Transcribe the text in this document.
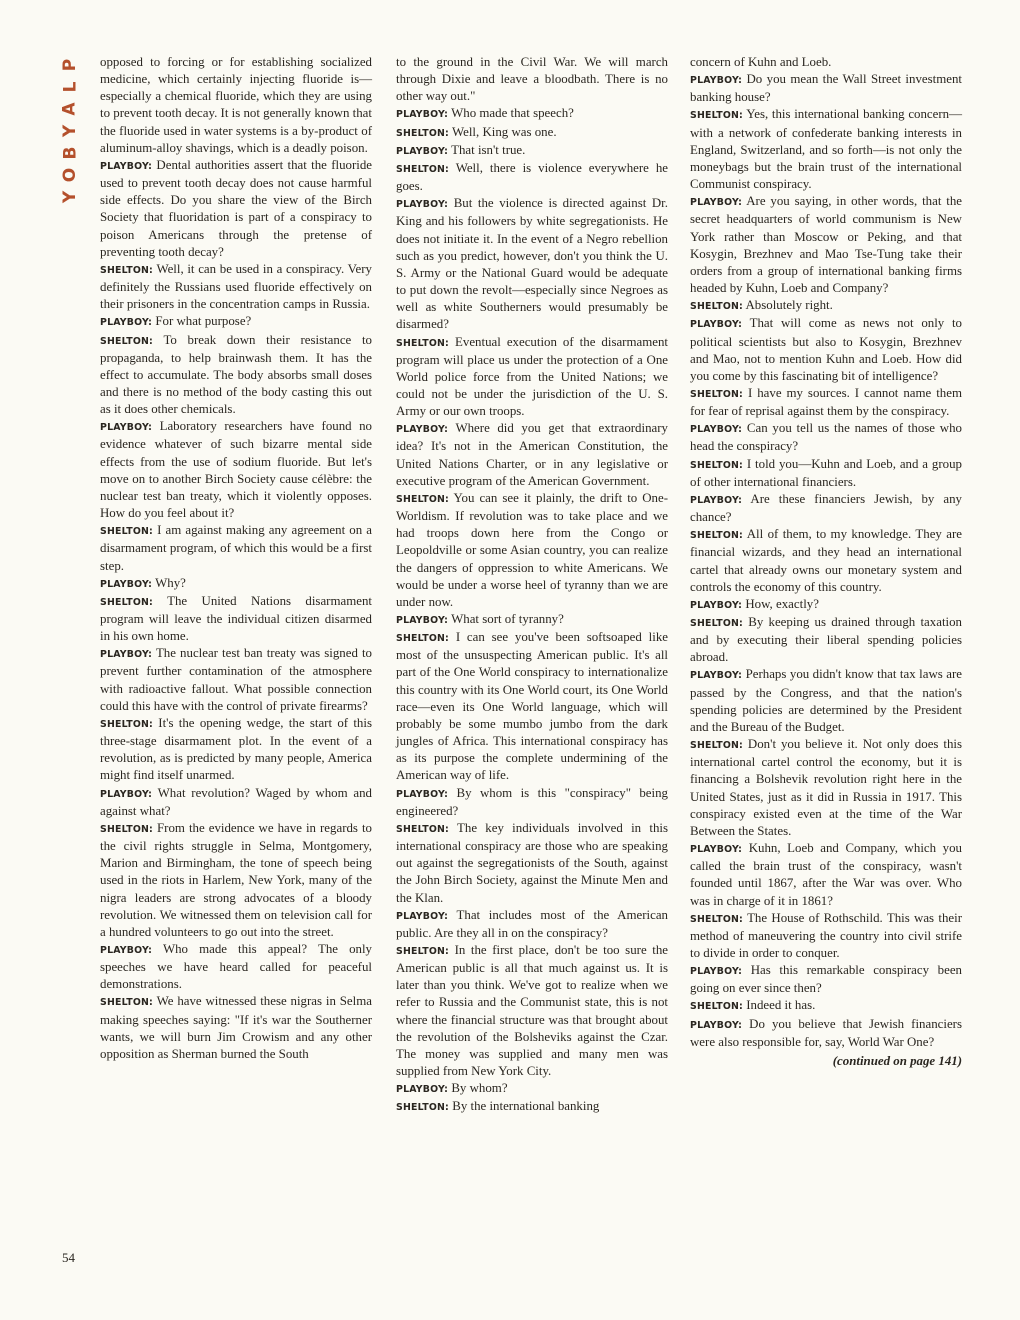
P
L
A
Y
B
O
Y
54

opposed to forcing or for establishing socialized medicine, which certainly injecting fluoride is—especially a chemical fluoride, which they are using to prevent tooth decay. It is not generally known that the fluoride used in water systems is a by-product of aluminum-alloy shavings, which is a deadly poison.

PLAYBOY: Dental authorities assert that the fluoride used to prevent tooth decay does not cause harmful side effects. Do you share the view of the Birch Society that fluoridation is part of a conspiracy to poison Americans through the pretense of preventing tooth decay?

SHELTON: Well, it can be used in a conspiracy. Very definitely the Russians used fluoride effectively on their prisoners in the concentration camps in Russia.

PLAYBOY: For what purpose?

SHELTON: To break down their resistance to propaganda, to help brainwash them. It has the effect to accumulate. The body absorbs small doses and there is no method of the body casting this out as it does other chemicals.

PLAYBOY: Laboratory researchers have found no evidence whatever of such bizarre mental side effects from the use of sodium fluoride. But let's move on to another Birch Society cause célèbre: the nuclear test ban treaty, which it violently opposes. How do you feel about it?

SHELTON: I am against making any agreement on a disarmament program, of which this would be a first step.

PLAYBOY: Why?

SHELTON: The United Nations disarmament program will leave the individual citizen disarmed in his own home.

PLAYBOY: The nuclear test ban treaty was signed to prevent further contamination of the atmosphere with radioactive fallout. What possible connection could this have with the control of private firearms?

SHELTON: It's the opening wedge, the start of this three-stage disarmament plot. In the event of a revolution, as is predicted by many people, America might find itself unarmed.

PLAYBOY: What revolution? Waged by whom and against what?

SHELTON: From the evidence we have in regards to the civil rights struggle in Selma, Montgomery, Marion and Birmingham, the tone of speech being used in the riots in Harlem, New York, many of the nigra leaders are strong advocates of a bloody revolution. We witnessed them on television call for a hundred volunteers to go out into the street.

PLAYBOY: Who made this appeal? The only speeches we have heard called for peaceful demonstrations.

SHELTON: We have witnessed these nigras in Selma making speeches saying: "If it's war the Southerner wants, we will burn Jim Crowism and any other opposition as Sherman burned the South

to the ground in the Civil War. We will march through Dixie and leave a bloodbath. There is no other way out."

PLAYBOY: Who made that speech?

SHELTON: Well, King was one.

PLAYBOY: That isn't true.

SHELTON: Well, there is violence everywhere he goes.

PLAYBOY: But the violence is directed against Dr. King and his followers by white segregationists. He does not initiate it. In the event of a Negro rebellion such as you predict, however, don't you think the U. S. Army or the National Guard would be adequate to put down the revolt—especially since Negroes as well as white Southerners would presumably be disarmed?

SHELTON: Eventual execution of the disarmament program will place us under the protection of a One World police force from the United Nations; we could not be under the jurisdiction of the U. S. Army or our own troops.

PLAYBOY: Where did you get that extraordinary idea? It's not in the American Constitution, the United Nations Charter, or in any legislative or executive program of the American Government.

SHELTON: You can see it plainly, the drift to One-Worldism. If revolution was to take place and we had troops down here from the Congo or Leopoldville or some Asian country, you can realize the dangers of oppression to white Americans. We would be under a worse heel of tyranny than we are under now.

PLAYBOY: What sort of tyranny?

SHELTON: I can see you've been softsoaped like most of the unsuspecting American public. It's all part of the One World conspiracy to internationalize this country with its One World court, its One World race—even its One World language, which will probably be some mumbo jumbo from the dark jungles of Africa. This international conspiracy has as its purpose the complete undermining of the American way of life.

PLAYBOY: By whom is this "conspiracy" being engineered?

SHELTON: The key individuals involved in this international conspiracy are those who are speaking out against the segregationists of the South, against the John Birch Society, against the Minute Men and the Klan.

PLAYBOY: That includes most of the American public. Are they all in on the conspiracy?

SHELTON: In the first place, don't be too sure the American public is all that much against us. It is later than you think. We've got to realize when we refer to Russia and the Communist state, this is not where the financial structure was that brought about the revolution of the Bolsheviks against the Czar. The money was supplied and many men was supplied from New York City.

PLAYBOY: By whom?

SHELTON: By the international banking

concern of Kuhn and Loeb.

PLAYBOY: Do you mean the Wall Street investment banking house?

SHELTON: Yes, this international banking concern—with a network of confederate banking interests in England, Switzerland, and so forth—is not only the moneybags but the brain trust of the international Communist conspiracy.

PLAYBOY: Are you saying, in other words, that the secret headquarters of world communism is New York rather than Moscow or Peking, and that Kosygin, Brezhnev and Mao Tse-Tung take their orders from a group of international banking firms headed by Kuhn, Loeb and Company?

SHELTON: Absolutely right.

PLAYBOY: That will come as news not only to political scientists but also to Kosygin, Brezhnev and Mao, not to mention Kuhn and Loeb. How did you come by this fascinating bit of intelligence?

SHELTON: I have my sources. I cannot name them for fear of reprisal against them by the conspiracy.

PLAYBOY: Can you tell us the names of those who head the conspiracy?

SHELTON: I told you—Kuhn and Loeb, and a group of other international financiers.

PLAYBOY: Are these financiers Jewish, by any chance?

SHELTON: All of them, to my knowledge. They are financial wizards, and they head an international cartel that already owns our monetary system and controls the economy of this country.

PLAYBOY: How, exactly?

SHELTON: By keeping us drained through taxation and by executing their liberal spending policies abroad.

PLAYBOY: Perhaps you didn't know that tax laws are passed by the Congress, and that the nation's spending policies are determined by the President and the Bureau of the Budget.

SHELTON: Don't you believe it. Not only does this international cartel control the economy, but it is financing a Bolshevik revolution right here in the United States, just as it did in Russia in 1917. This conspiracy existed even at the time of the War Between the States.

PLAYBOY: Kuhn, Loeb and Company, which you called the brain trust of the conspiracy, wasn't founded until 1867, after the War was over. Who was in charge of it in 1861?

SHELTON: The House of Rothschild. This was their method of maneuvering the country into civil strife to divide in order to conquer.

PLAYBOY: Has this remarkable conspiracy been going on ever since then?

SHELTON: Indeed it has.

PLAYBOY: Do you believe that Jewish financiers were also responsible for, say, World War One?

(continued on page 141)
